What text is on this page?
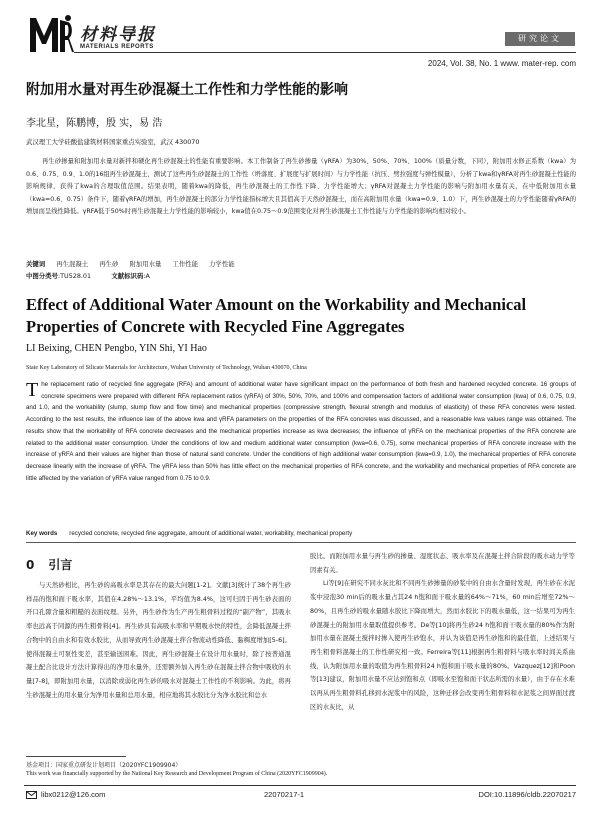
材料导报
MATERIALS REPORTS
研究论文
2024, Vol. 38, No. 1 www. mater-rep. com
附加用水量对再生砂混凝土工作性和力学性能的影响
李北星，陈鹏博，殷 实，易 浩
武汉理工大学硅酸盐建筑材料国家重点实验室，武汉 430070
再生砂掺量和附加用水量对新拌和硬化再生砂混凝土的性能有重要影响。本工作制备了再生砂掺量（γRFA）为30%、50%、70%、100%（质量分数，下同），附加用水修正系数（kwa）为0.6、0.75、0.9、1.0的16组再生砂混凝土，测试了这些再生砂混凝土的工作性（坍落度、扩展度与扩展时间）与力学性能（抗压、劈拉强度与弹性模量），分析了kwa和γRFA对再生砂混凝土性能的影响规律，获得了kwa的合理取值范围。结果表明，随着kwa的降低，再生砂混凝土的工作性下降、力学性能增大；γRFA对混凝土力学性能的影响与附加用水量有关，在中低附加用水量（kwa=0.6、0.75）条件下，随着γRFA的增加，再生砂混凝土的部分力学性能指标增大且其值高于天然砂混凝土，而在高附加用水量（kwa=0.9、1.0）下，再生砂混凝土的力学性能随着γRFA的增加而呈线性降低。γRFA低于50%时再生砂混凝土力学性能的影响较小，kwa值在0.75～0.9范围变化对再生砂混凝土工作性能与力学性能的影响均相对较小。
关键词 再生混凝土 再生砂 附加用水量 工作性能 力学性能
中图分类号:TU528.01	文献标识码:A
Effect of Additional Water Amount on the Workability and Mechanical Properties of Concrete with Recycled Fine Aggregates
LI Beixing, CHEN Pengbo, YIN Shi, YI Hao
State Key Laboratory of Silicate Materials for Architecture, Wuhan University of Technology, Wuhan 430070, China
The replacement ratio of recycled fine aggregate (RFA) and amount of additional water have significant impact on the performance of both fresh and hardened recycled concrete. 16 groups of concrete specimens were prepared with different RFA replacement ratios (γRFA) of 30%, 50%, 70%, and 100% and compensation factors of additional water consumption (kwa) of 0.6, 0.75, 0.9, and 1.0, and the workability (slump, slump flow and flow time) and mechanical properties (compressive strength, flexural strength and modulus of elasticity) of these RFA concretes were tested. According to the test results, the influence law of the above kwa and γRFA parameters on the properties of the RFA concretes was discussed, and a reasonable kwa values range was obtained. The results show that the workability of RFA concrete decreases and the mechanical properties increase as kwa decreases; the influence of γRFA on the mechanical properties of the RFA concrete are related to the additional water consumption. Under the conditions of low and medium additional water consumption (kwa=0.6, 0.75), some mechanical properties of RFA concrete increase with the increase of γRFA and their values are higher than those of natural sand concrete. Under the conditions of high additional water consumption (kwa=0.9, 1.0), the mechanical properties of RFA concrete decrease linearly with the increase of γRFA. The γRFA less than 50% has little effect on the mechanical properties of RFA concrete, and the workability and mechanical properties of RFA concrete are little affected by the variation of γRFA value ranged from 0.75 to 0.9.
Key words recycled concrete, recycled fine aggregate, amount of additional water, workability, mechanical property
0 引言

与天然砂相比，再生砂的高吸水率是其存在的最大问题[1-2]。文献[3]统计了38个再生砂样品的饱和面干吸水率，其值在4.28%～13.1%，平均值为8.4%，这可归因于再生砂表面的开口孔隙含量和粗糙的表面纹理。另外，再生砂作为生产再生粗骨料过程的“副产物”，其吸水率也远高于同源的再生粗骨料[4]。再生砂具有高吸水率和早期吸水快的特性，会降低混凝土拌合物中的自由水和有效水胶比，从而导致再生砂混凝土拌合物流动性降低、黏稠度增加[5-6]。使得混凝土可泵性变差，甚至输送困难。因此，再生砂混凝土在设计用水量时，除了按普通混凝土配合比设计方法计算得出的净用水量外，还需额外加入再生砂在混凝土拌合物中吸收的水量[7-8]，即附加用水量，以消除或弱化再生砂的吸水对混凝土工作性的不利影响。为此，将再生砂混凝土的用水量分为净用水量和总用水量，相应地将其水胶比分为净水胶比和总水

胶比。而附加用水量与再生砂的掺量、湿度状态、吸水率及在混凝土拌合阶段的吸水动力学等因素有关。

Li等[9]在研究不同水灰比和不同再生砂掺量的砂浆中的自由水含量时发现，再生砂在水泥浆中浸泡30 min后的吸水量占其24 h饱和面干吸水量的64%～71%，60 min后增至72%～80%，且再生砂的吸水量随水胶比下降而增大，然而水胶比下的吸水量低，这一结果可为再生砂混凝土的附加用水量取值提供参考。De等[10]将再生砂24 h饱和面干吸水量的80%作为附加用水量在混凝土搅拌时掺入使再生砂饱水，并认为该值是再生砂饱和的最佳值，上述结果与再生粗骨料混凝土的工作性研究相一致。Ferreira等[11]根据再生粗骨料与吸水率时间关系曲线，认为附加用水量的取值为再生粗骨料24 h饱和面干吸水量的80%。Vazquez[12]和Poon等[13]建议，附加用水量不应达到饱和点（即吸水至饱和面干状态所需的水量），由于存在水难以再从再生粗骨料孔移到水泥浆中的风险，这种迁移会改变再生粗骨料和水泥浆之间界面过渡区的水灰比，从

基金项目：国家重点研发计划项目（2020YFC1909904）
This work was financially supported by the National Key Research and Development Program of China (2020YFC1909904).
libx0212@126.com	22070217-1	DOI:10.11896/cldb.22070217
